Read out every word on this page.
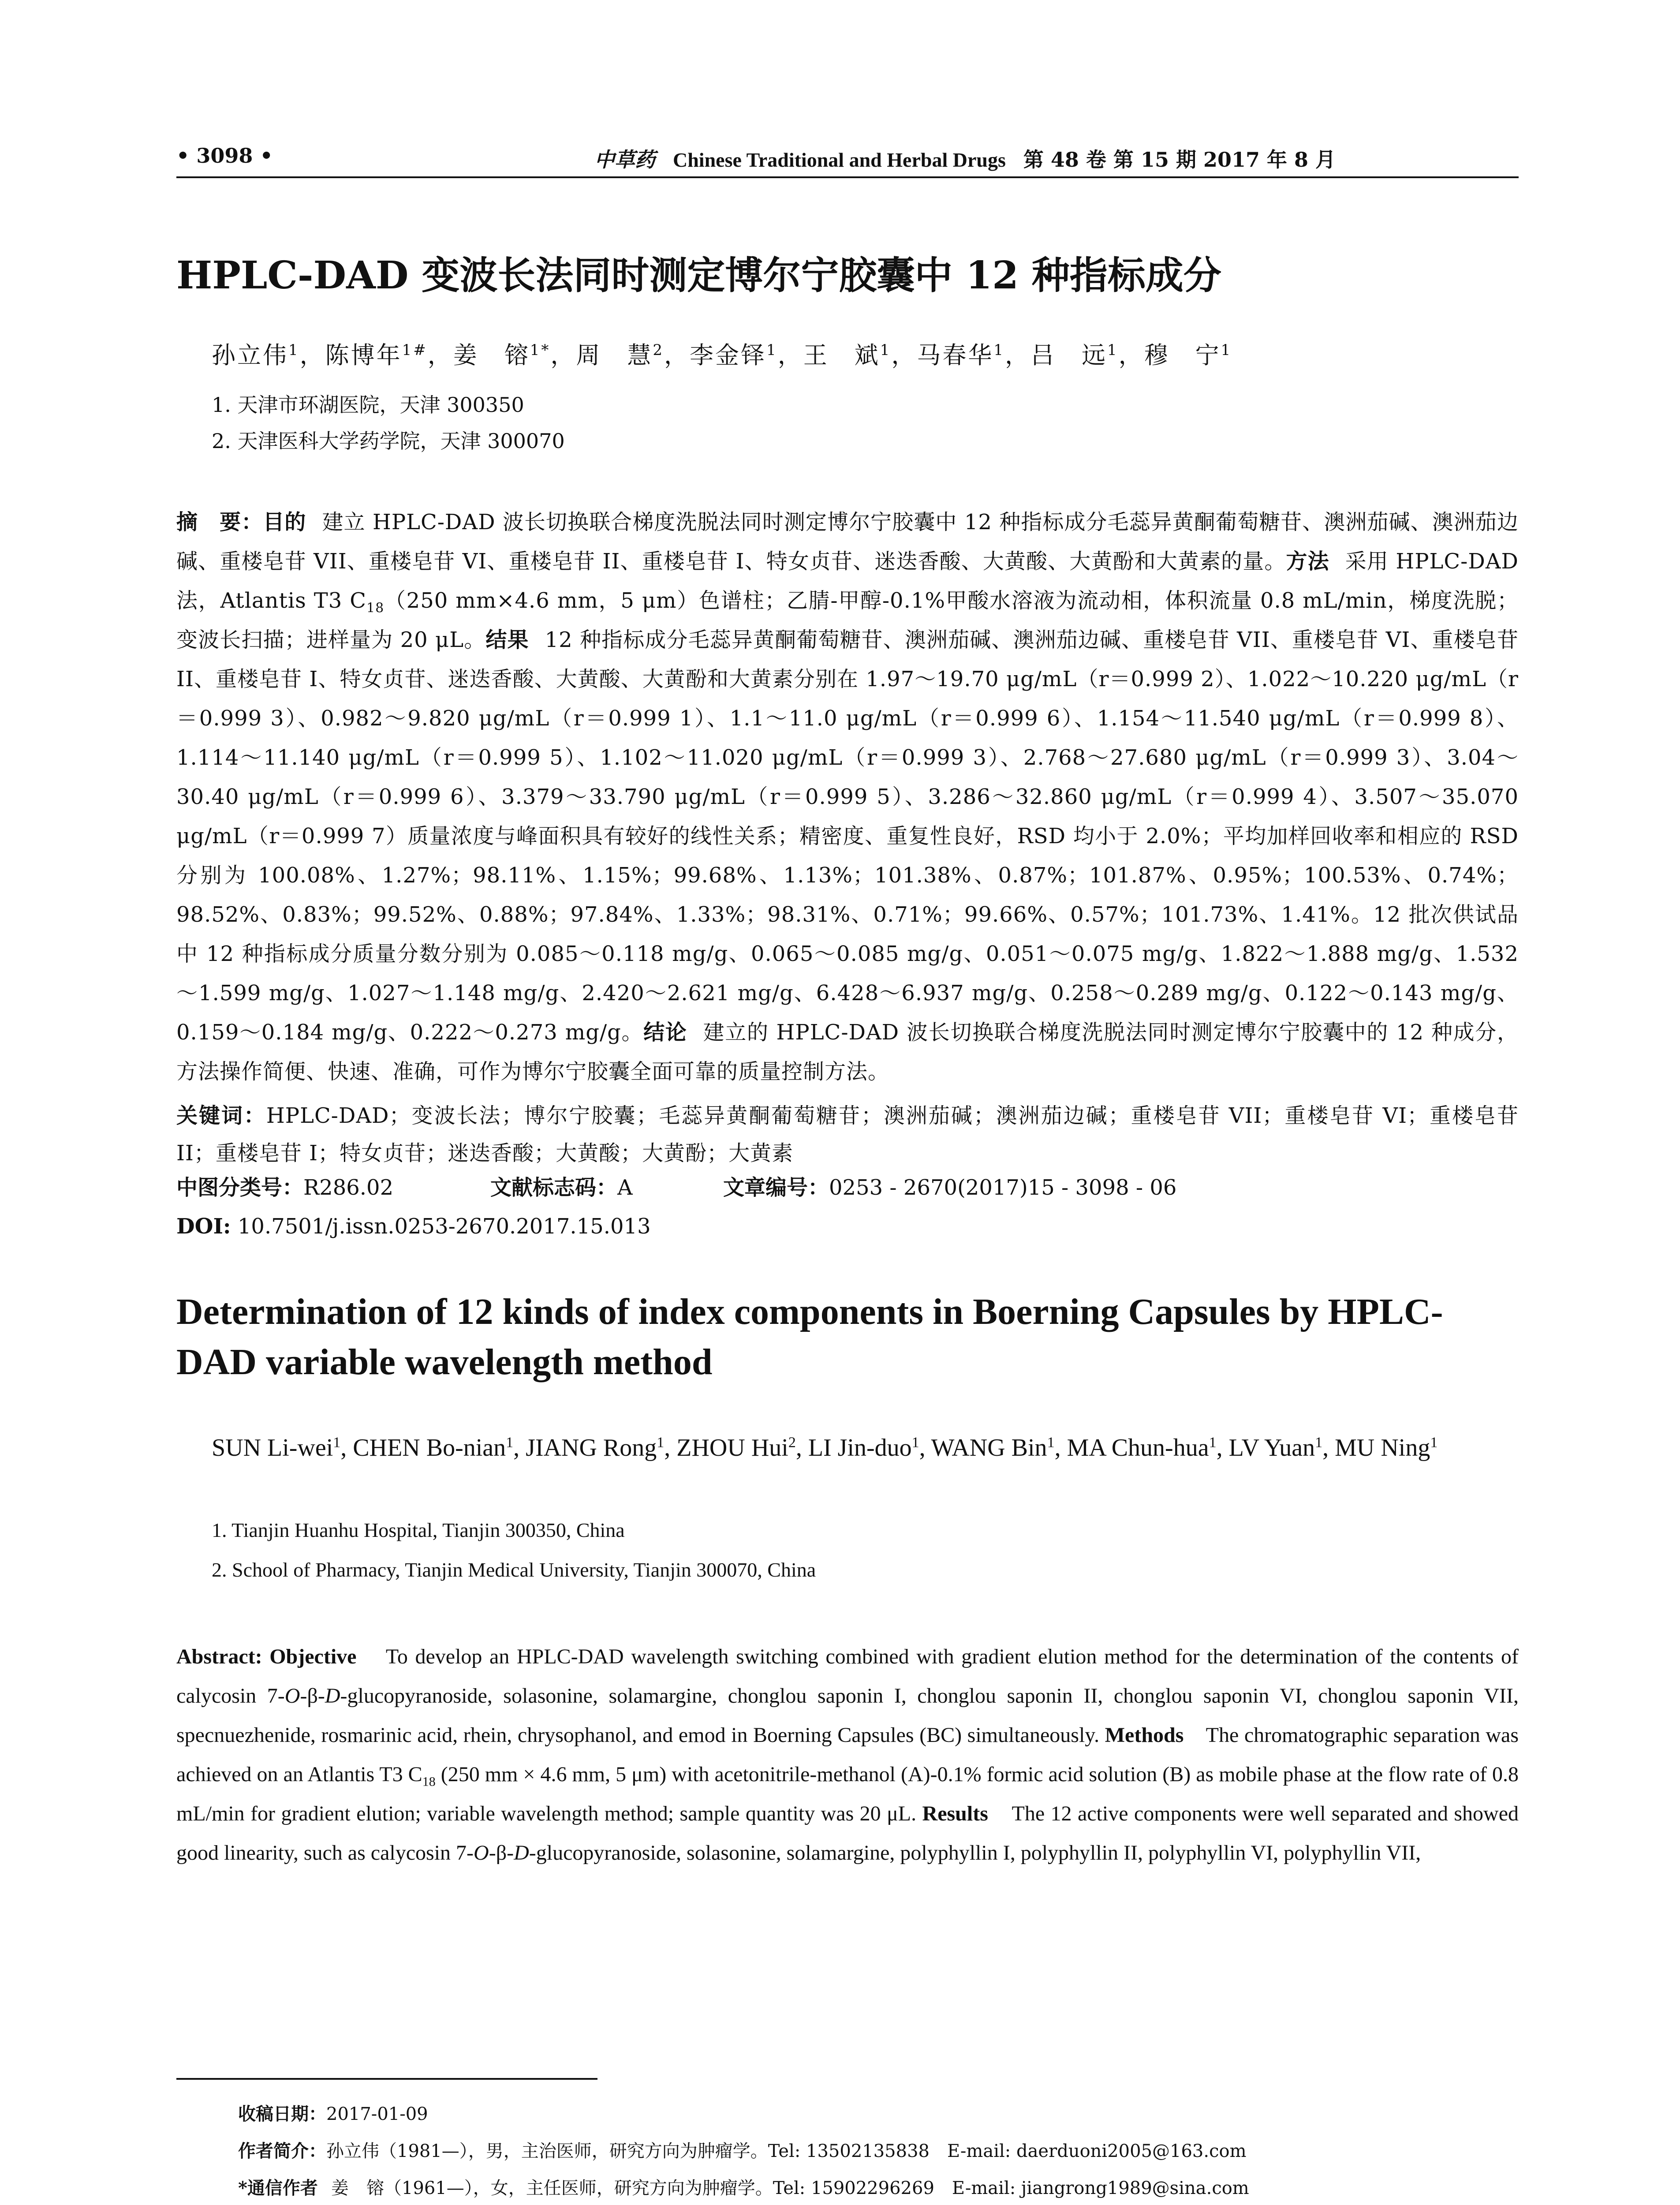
• 3098 •	中草药 Chinese Traditional and Herbal Drugs 第 48 卷 第 15 期 2017 年 8 月
HPLC-DAD 变波长法同时测定博尔宁胶囊中 12 种指标成分
孙立伟$^1$，陈博年$^{1\#}$，姜　镕$^{1*}$，周　慧$^2$，李金铎$^1$，王　斌$^1$，马春华$^1$，吕　远$^1$，穆　宁$^1$
1. 天津市环湖医院，天津 300350
2. 天津医科大学药学院，天津 300070
摘　要：目的 建立 HPLC-DAD 波长切换联合梯度洗脱法同时测定博尔宁胶囊中 12 种指标成分毛蕊异黄酮葡萄糖苷、澳洲茄碱、澳洲茄边碱、重楼皂苷 VII、重楼皂苷 VI、重楼皂苷 II、重楼皂苷 I、特女贞苷、迷迭香酸、大黄酸、大黄酚和大黄素的量。方法 采用 HPLC-DAD 法，Atlantis T3 $C_{18}(250$ mm×4.6 mm，5 μm）色谱柱；乙腈-甲醇-0.1%甲酸水溶液为流动相，体积流量 0.8 mL/min，梯度洗脱；变波长扫描；进样量为 20 μL。结果 12 种指标成分毛蕊异黄酮葡萄糖苷、澳洲茄碱、澳洲茄边碱、重楼皂苷 VII、重楼皂苷 VI、重楼皂苷 II、重楼皂苷 I、特女贞苷、迷迭香酸、大黄酸、大黄酚和大黄素分别在 1.97～19.70 μg/mL（r＝0.999 2）、1.022～10.220 μg/mL（r＝0.999 3）、0.982～9.820 μg/mL（r＝0.999 1）、1.1～11.0 μg/mL（r＝0.999 6）、1.154～11.540 μg/mL（r＝0.999 8）、1.114～11.140 μg/mL（r＝0.999 5）、1.102～11.020 μg/mL（r＝0.999 3）、2.768～27.680 μg/mL（r＝0.999 3）、3.04～30.40 μg/mL（r＝0.999 6）、3.379～33.790 μg/mL（r＝0.999 5）、3.286～32.860 μg/mL（r＝0.999 4）、3.507～35.070 μg/mL（r＝0.999 7）质量浓度与峰面积具有较好的线性关系；精密度、重复性良好，RSD 均小于 2.0%；平均加样回收率和相应的 RSD 分别为 100.08%、1.27%；98.11%、1.15%；99.68%、1.13%；101.38%、0.87%；101.87%、0.95%；100.53%、0.74%；98.52%、0.83%；99.52%、0.88%；97.84%、1.33%；98.31%、0.71%；99.66%、0.57%；101.73%、1.41%。12 批次供试品中 12 种指标成分质量分数分别为 0.085～0.118 mg/g、0.065～0.085 mg/g、0.051～0.075 mg/g、1.822～1.888 mg/g、1.532～1.599 mg/g、1.027～1.148 mg/g、2.420～2.621 mg/g、6.428～6.937 mg/g、0.258～0.289 mg/g、0.122～0.143 mg/g、0.159～0.184 mg/g、0.222～0.273 mg/g。结论 建立的 HPLC-DAD 波长切换联合梯度洗脱法同时测定博尔宁胶囊中的 12 种成分，方法操作简便、快速、准确，可作为博尔宁胶囊全面可靠的质量控制方法。
关键词：HPLC-DAD；变波长法；博尔宁胶囊；毛蕊异黄酮葡萄糖苷；澳洲茄碱；澳洲茄边碱；重楼皂苷 VII；重楼皂苷 VI；重楼皂苷 II；重楼皂苷 I；特女贞苷；迷迭香酸；大黄酸；大黄酚；大黄素
中图分类号：R286.02	文献标志码：A	文章编号：0253 - 2670(2017)15 - 3098 - 06
DOI: 10.7501/j.issn.0253-2670.2017.15.013
Determination of 12 kinds of index components in Boerning Capsules by HPLC-DAD variable wavelength method
SUN Li-wei$^1$, CHEN Bo-nian$^1$, JIANG Rong$^1$, ZHOU Hui$^2$, LI Jin-duo$^1$, WANG Bin$^1$, MA Chun-hua$^1$, LV Yuan$^1$, MU Ning$^1$
1. Tianjin Huanhu Hospital, Tianjin 300350, China
2. School of Pharmacy, Tianjin Medical University, Tianjin 300070, China
Abstract: Objective To develop an HPLC-DAD wavelength switching combined with gradient elution method for the determination of the contents of calycosin 7-O-β-D-glucopyranoside, solasonine, solamargine, chonglou saponin I, chonglou saponin II, chonglou saponin VI, chonglou saponin VII, specnuezhenide, rosmarinic acid, rhein, chrysophanol, and emod in Boerning Capsules (BC) simultaneously. Methods The chromatographic separation was achieved on an Atlantis T3 $C_{18}$ (250 mm × 4.6 mm, 5 μm) with acetonitrile-methanol (A)-0.1% formic acid solution (B) as mobile phase at the flow rate of 0.8 mL/min for gradient elution; variable wavelength method; sample quantity was 20 μL. Results The 12 active components were well separated and showed good linearity, such as calycosin 7-O-β-D-glucopyranoside, solasonine, solamargine, polyphyllin I, polyphyllin II, polyphyllin VI, polyphyllin VII,
收稿日期：2017-01-09
作者简介：孙立伟（1981—），男，主治医师，研究方向为肿瘤学。Tel: 13502135838　E-mail: daerduoni2005@163.com
*通信作者 姜　镕（1961—），女，主任医师，研究方向为肿瘤学。Tel: 15902296269　E-mail: jiangrong1989@sina.com
